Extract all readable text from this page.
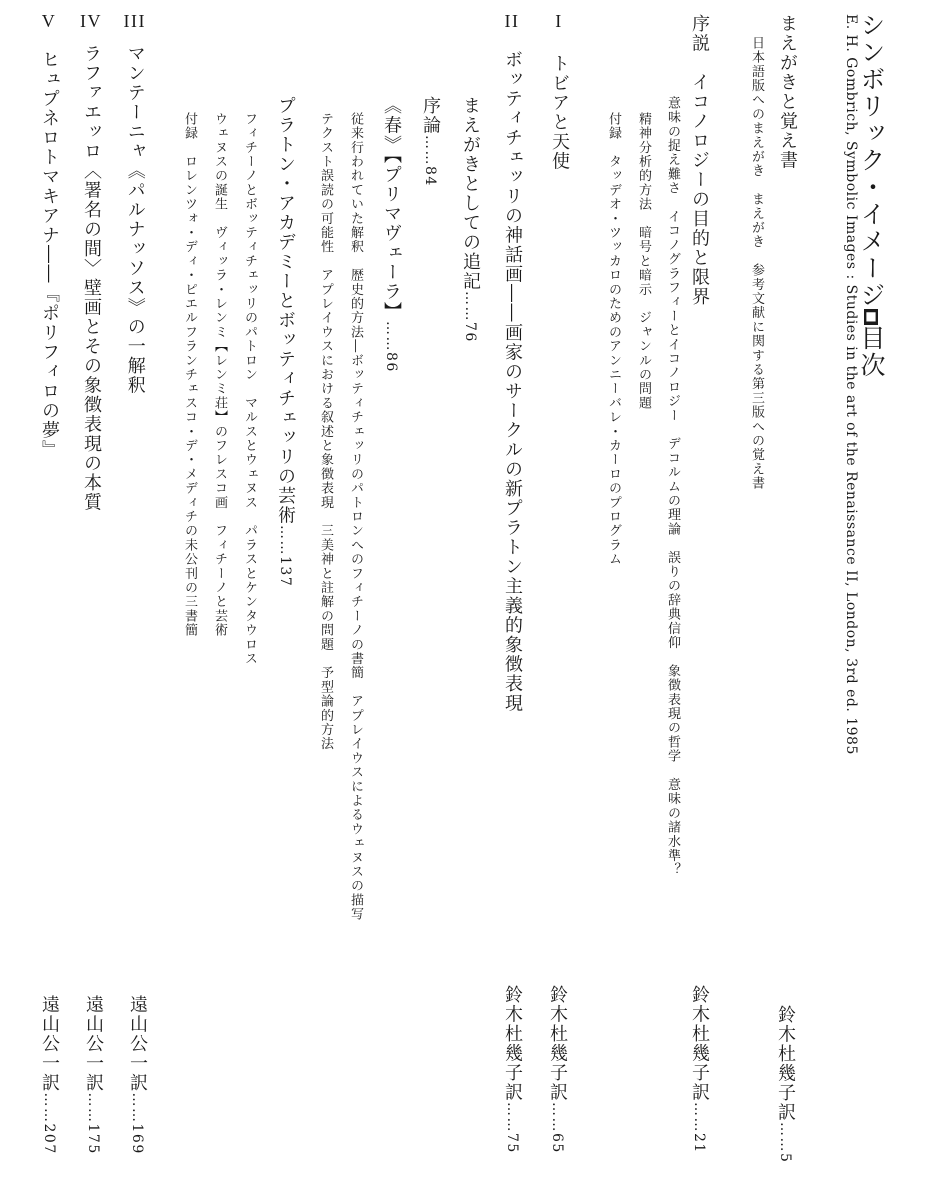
シンボリック・イメージ■目次
E. H. Gombrich, Symbolic Images : Studies in the art of the Renaissance II, London, 3rd ed. 1985
まえがきと覚え書
日本語版へのまえがき　まえがき　参考文献に関する第三版への覚え書
鈴木杜幾子訳……5
序説　イコノロジーの目的と限界
意味の捉え難さ　イコノグラフィーとイコノロジー　デコルムの理論　誤りの辞典信仰　象徴表現の哲学　意味の諸水準？
精神分析的方法　暗号と暗示　ジャンルの問題
付録　タッデオ・ツッカロのためのアンニーバレ・カーロのプログラム
鈴木杜幾子訳……21
Iトビアと天使
鈴木杜幾子訳……65
IIボッティチェッリの神話画――画家のサークルの新プラトン主義的象徴表現
鈴木杜幾子訳……75
まえがきとしての追記……76
序論……84
《春》【プリマヴェーラ】……86
従来行われていた解釈　歴史的方法―ボッティチェッリのパトロンへのフィチーノの書簡　アプレイウスによるウェヌスの描写
テクスト誤読の可能性　アプレイウスにおける叙述と象徴表現　三美神と註解の問題　予型論的方法
プラトン・アカデミーとボッティチェッリの芸術……137
フィチーノとボッティチェッリのパトロン　マルスとウェヌス　パラスとケンタウロス
ウェヌスの誕生　ヴィッラ・レンミ【レンミ荘】のフレスコ画　フィチーノと芸術
付録　ロレンツォ・ディ・ピエルフランチェスコ・デ・メディチの未公刊の三書簡
IIIマンテーニャ《パルナッソス》の一解釈
遠山公一訳……169
IVラファエッロ〈署名の間〉壁画とその象徴表現の本質
遠山公一訳……175
Vヒュプネロトマキアナ――『ポリフィロの夢』
遠山公一訳……207
